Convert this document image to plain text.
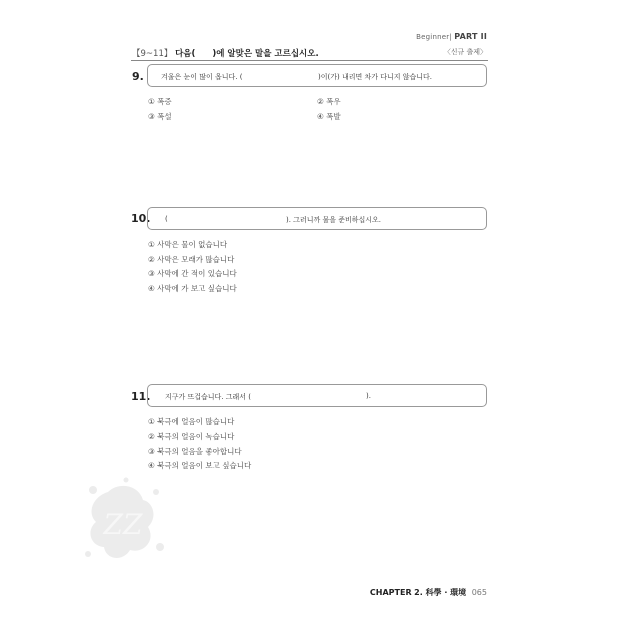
ZZ
Beginner| PART II
【9~11】 다음(　　)에 알맞은 말을 고르십시오.	〈신규 출제〉
9. 겨울은 눈이 많이 옵니다. (	)이(가) 내리면 차가 다니지 않습니다.
① 폭증	② 폭우
③ 폭설	④ 폭발
10. (	). 그러니까 물을 준비하십시오.
① 사막은 물이 없습니다
② 사막은 모래가 많습니다
③ 사막에 간 적이 있습니다
④ 사막에 가 보고 싶습니다
11. 지구가 뜨겁습니다. 그래서 (	).
① 북극에 얼음이 많습니다
② 북극의 얼음이 녹습니다
③ 북극의 얼음을 좋아합니다
④ 북극의 얼음이 보고 싶습니다
CHAPTER 2. 科學 · 環境 065
